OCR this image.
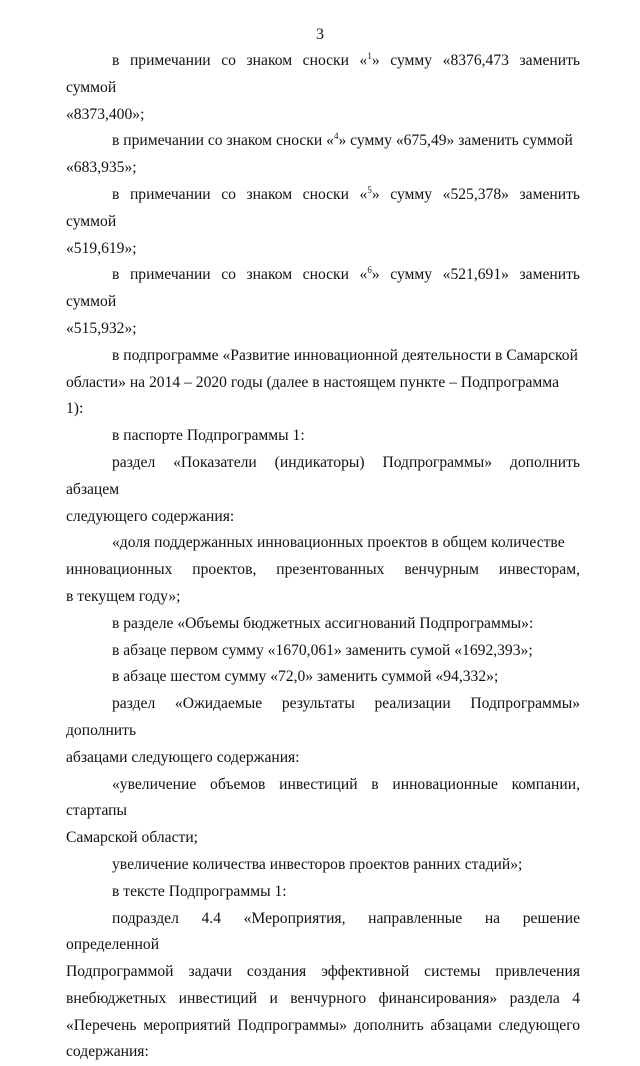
3

в примечании со знаком сноски «$^1$» сумму «8376,473 заменить суммой

«8373,400»;

в примечании со знаком сноски «$^4$» сумму «675,49» заменить суммой

«683,935»;

в примечании со знаком сноски «$^5$» сумму «525,378» заменить суммой

«519,619»;

в примечании со знаком сноски «$^6$» сумму «521,691» заменить суммой

«515,932»;

в подпрограмме «Развитие инновационной деятельности в Самарской

области» на 2014 – 2020 годы (далее в настоящем пункте – Подпрограмма 1):

в паспорте Подпрограммы 1:

раздел «Показатели (индикаторы) Подпрограммы» дополнить абзацем

следующего содержания:

«доля поддержанных инновационных проектов в общем количестве

инновационных проектов, презентованных венчурным инвесторам,

в текущем году»;

в разделе «Объемы бюджетных ассигнований Подпрограммы»:

в абзаце первом сумму «1670,061» заменить сумой «1692,393»;

в абзаце шестом сумму «72,0» заменить суммой «94,332»;

раздел «Ожидаемые результаты реализации Подпрограммы» дополнить

абзацами следующего содержания:

«увеличение объемов инвестиций в инновационные компании, стартапы

Самарской области;

увеличение количества инвесторов проектов ранних стадий»;

в тексте Подпрограммы 1:

подраздел 4.4 «Мероприятия, направленные на решение определенной

Подпрограммой задачи создания эффективной системы привлечения

внебюджетных инвестиций и венчурного финансирования» раздела 4

«Перечень мероприятий Подпрограммы» дополнить абзацами следующего

содержания:
